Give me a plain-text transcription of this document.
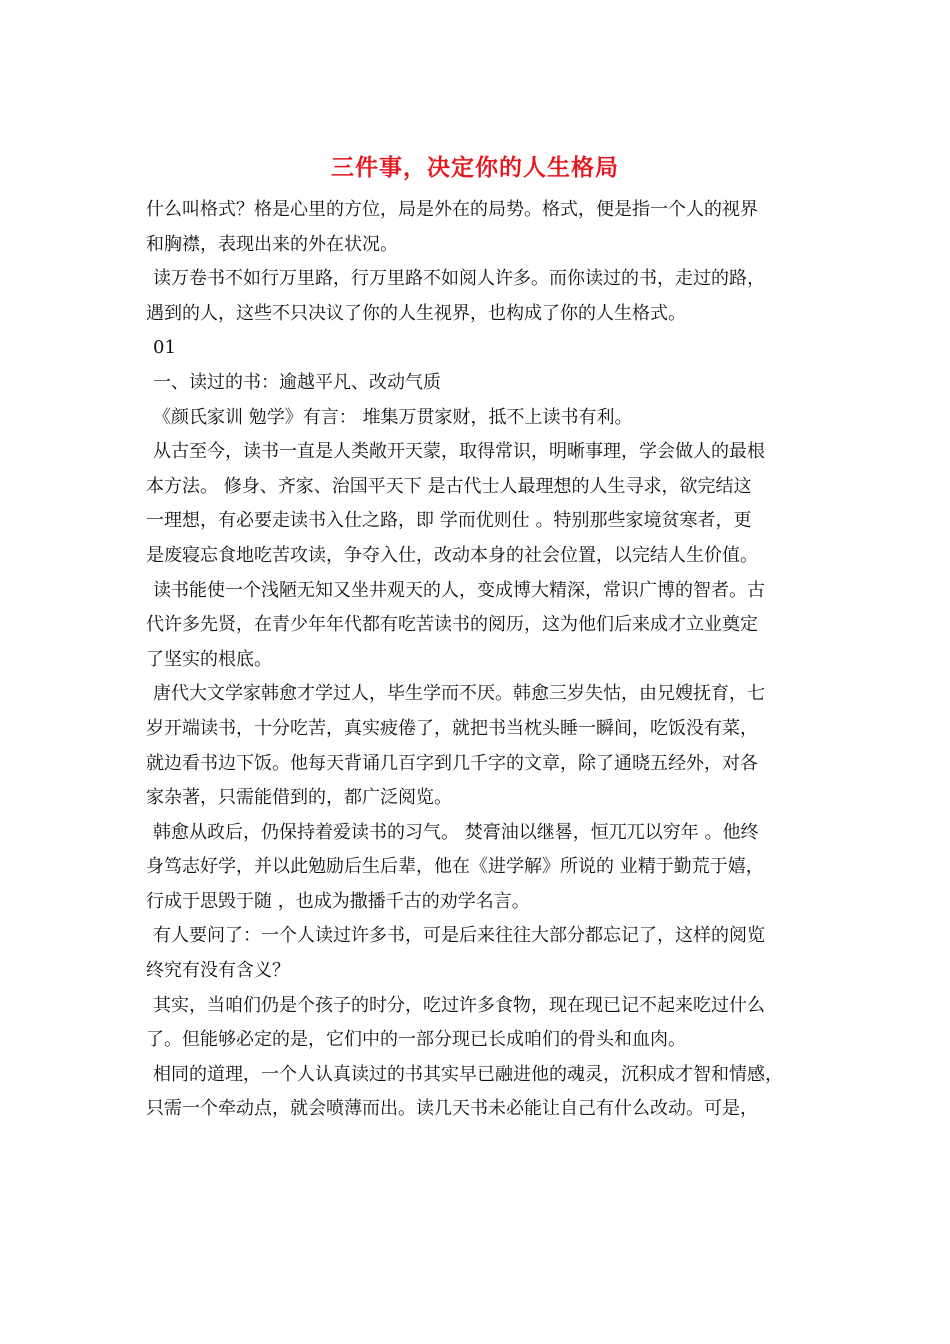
三件事，决定你的人生格局
什么叫格式？格是心里的方位，局是外在的局势。格式，便是指一个人的视界
和胸襟，表现出来的外在状况。
读万卷书不如行万里路，行万里路不如阅人许多。而你读过的书，走过的路，
遇到的人，这些不只决议了你的人生视界，也构成了你的人生格式。
01
一、读过的书：逾越平凡、改动气质
《颜氏家训 勉学》有言： 堆集万贯家财，抵不上读书有利。
从古至今，读书一直是人类敞开天蒙，取得常识，明晰事理，学会做人的最根
本方法。 修身、齐家、治国平天下 是古代士人最理想的人生寻求，欲完结这
一理想，有必要走读书入仕之路，即 学而优则仕 。特别那些家境贫寒者，更
是废寝忘食地吃苦攻读，争夺入仕，改动本身的社会位置，以完结人生价值。
读书能使一个浅陋无知又坐井观天的人，变成博大精深，常识广博的智者。古
代许多先贤，在青少年年代都有吃苦读书的阅历，这为他们后来成才立业奠定
了坚实的根底。
唐代大文学家韩愈才学过人，毕生学而不厌。韩愈三岁失怙，由兄嫂抚育，七
岁开端读书，十分吃苦，真实疲倦了，就把书当枕头睡一瞬间，吃饭没有菜，
就边看书边下饭。他每天背诵几百字到几千字的文章，除了通晓五经外，对各
家杂著，只需能借到的，都广泛阅览。
韩愈从政后，仍保持着爱读书的习气。 焚膏油以继晷，恒兀兀以穷年 。他终
身笃志好学，并以此勉励后生后辈，他在《进学解》所说的 业精于勤荒于嬉，
行成于思毁于随 ，也成为撒播千古的劝学名言。
有人要问了：一个人读过许多书，可是后来往往大部分都忘记了，这样的阅览
终究有没有含义？
其实，当咱们仍是个孩子的时分，吃过许多食物，现在现已记不起来吃过什么
了。但能够必定的是，它们中的一部分现已长成咱们的骨头和血肉。
相同的道理，一个人认真读过的书其实早已融进他的魂灵，沉积成才智和情感，
只需一个牵动点，就会喷薄而出。读几天书未必能让自己有什么改动。可是，
